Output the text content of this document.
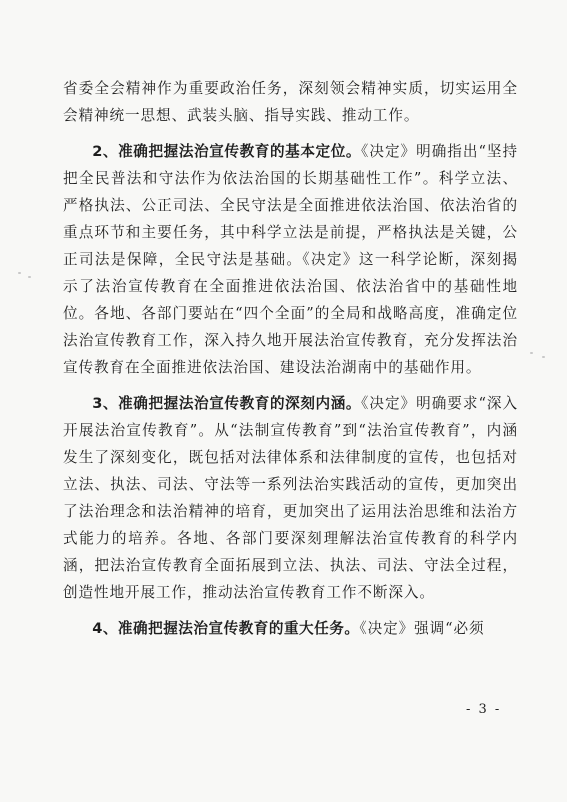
省委全会精神作为重要政治任务，深刻领会精神实质，切实运用全会精神统一思想、武装头脑、指导实践、推动工作。

2、准确把握法治宣传教育的基本定位。《决定》明确指出“坚持把全民普法和守法作为依法治国的长期基础性工作”。科学立法、严格执法、公正司法、全民守法是全面推进依法治国、依法治省的重点环节和主要任务，其中科学立法是前提，严格执法是关键，公正司法是保障，全民守法是基础。《决定》这一科学论断，深刻揭示了法治宣传教育在全面推进依法治国、依法治省中的基础性地位。各地、各部门要站在“四个全面”的全局和战略高度，准确定位法治宣传教育工作，深入持久地开展法治宣传教育，充分发挥法治宣传教育在全面推进依法治国、建设法治湖南中的基础作用。

3、准确把握法治宣传教育的深刻内涵。《决定》明确要求“深入开展法治宣传教育”。从“法制宣传教育”到“法治宣传教育”，内涵发生了深刻变化，既包括对法律体系和法律制度的宣传，也包括对立法、执法、司法、守法等一系列法治实践活动的宣传，更加突出了法治理念和法治精神的培育，更加突出了运用法治思维和法治方式能力的培养。各地、各部门要深刻理解法治宣传教育的科学内涵，把法治宣传教育全面拓展到立法、执法、司法、守法全过程，创造性地开展工作，推动法治宣传教育工作不断深入。

4、准确把握法治宣传教育的重大任务。《决定》强调“必须

- 3 -
